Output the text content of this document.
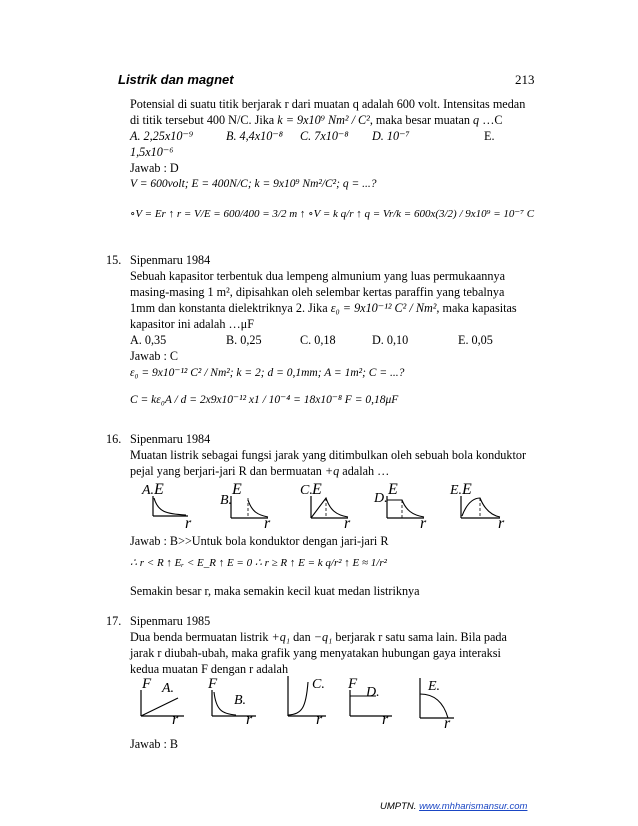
Listrik dan magnet	213
Potensial di suatu titik berjarak r dari muatan q adalah 600 volt. Intensitas medan
di titik tersebut 400 N/C. Jika k = 9x10⁹ Nm² / C², maka besar muatan q …C
A. 2,25x10⁻⁹	B. 4,4x10⁻⁸ C. 7x10⁻⁸ D. 10⁻⁷	E.
1,5x10⁻⁶
Jawab : D
V = 600volt; E = 400N/C; k = 9x10⁹ Nm²/C²; q = ...?
∘V = Er ↑ r = V/E = 600/400 = 3/2 m ↑ ∘V = k q/r ↑ q = Vr/k = 600x(3/2) / 9x10⁹ = 10⁻⁷ C
15. Sipenmaru 1984
Sebuah kapasitor terbentuk dua lempeng almunium yang luas permukaannya
masing-masing 1 m², dipisahkan oleh selembar kertas paraffin yang tebalnya
1mm dan konstanta dielektriknya 2. Jika ε₀ = 9x10⁻¹² C² / Nm², maka kapasitas
kapasitor ini adalah …μF
A. 0,35	B. 0,25	C. 0,18	D. 0,10	E. 0,05
Jawab : C
ε₀ = 9x10⁻¹² C² / Nm²; k = 2; d = 0,1mm; A = 1m²; C = ...?
C = kε₀A / d = 2x9x10⁻¹² x1 / 10⁻⁴ = 18x10⁻⁸ F = 0,18μF
16. Sipenmaru 1984
Muatan listrik sebagai fungsi jarak yang ditimbulkan oleh sebuah bola konduktor
pejal yang berjari-jari R dan bermuatan +q adalah …
A. E
r
B.
E
r
C. E
r
D.
E
r
E. E
r
Jawab : B>>Untuk bola konduktor dengan jari-jari R
∴ r < R ↑ Eᵣ < E_R ↑ E = 0 ∴ r ≥ R ↑ E = k q/r² ↑ E ≈ 1/r²
Semakin besar r, maka semakin kecil kuat medan listriknya
17. Sipenmaru 1985
Dua benda bermuatan listrik +q₁ dan −q₁ berjarak r satu sama lain. Bila pada
jarak r diubah-ubah, maka grafik yang menyatakan hubungan gaya interaksi
kedua muatan F dengan r adalah
F A.
r
F
B.
r
C.
r
F
D.
r
E.
r
Jawab : B
UMPTN. www.mhharismansur.com
